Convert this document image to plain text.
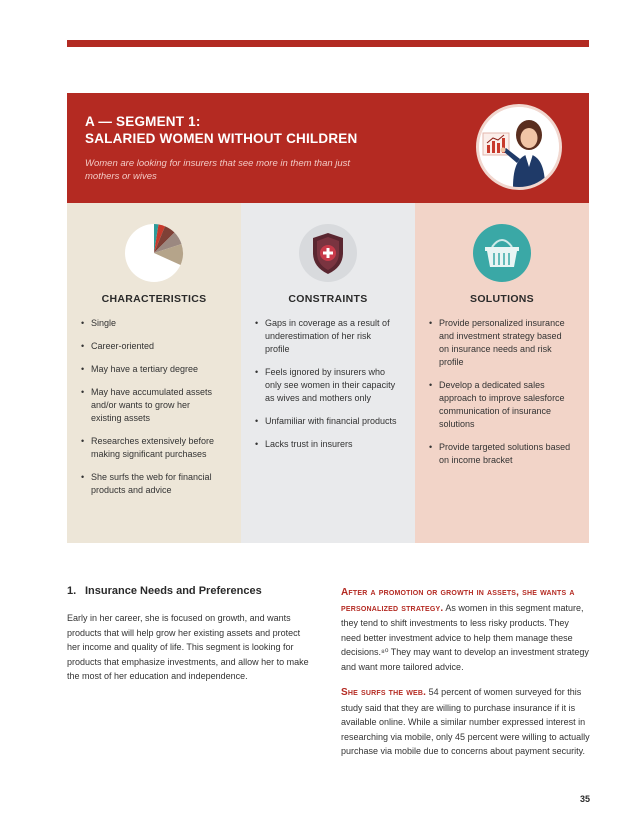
A — SEGMENT 1:
SALARIED WOMEN WITHOUT CHILDREN
Women are looking for insurers that see more in them than just mothers or wives
CHARACTERISTICS
• Single
• Career-oriented
• May have a tertiary degree
• May have accumulated assets and/or wants to grow her existing assets
• Researches extensively before making significant purchases
• She surfs the web for financial products and advice
CONSTRAINTS
• Gaps in coverage as a result of underestimation of her risk profile
• Feels ignored by insurers who only see women in their capacity as wives and mothers only
• Unfamiliar with financial products
• Lacks trust in insurers
SOLUTIONS
• Provide personalized insurance and investment strategy based on insurance needs and risk profile
• Develop a dedicated sales approach to improve salesforce communication of insurance solutions
• Provide targeted solutions based on income bracket
1. Insurance Needs and Preferences

Early in her career, she is focused on growth, and wants products that will help grow her existing assets and protect her income and quality of life. This segment is looking for products that emphasize investments, and allow her to make the most of her education and independence.

After a promotion or growth in assets, she wants a personalized strategy. As women in this segment mature, they tend to shift investments to less risky products. They need better investment advice to help them manage these decisions.⁸⁰ They may want to develop an investment strategy and want more tailored advice.

She surfs the web. 54 percent of women surveyed for this study said that they are willing to purchase insurance if it is available online. While a similar number expressed interest in researching via mobile, only 45 percent were willing to actually purchase via mobile due to concerns about payment security.

35
